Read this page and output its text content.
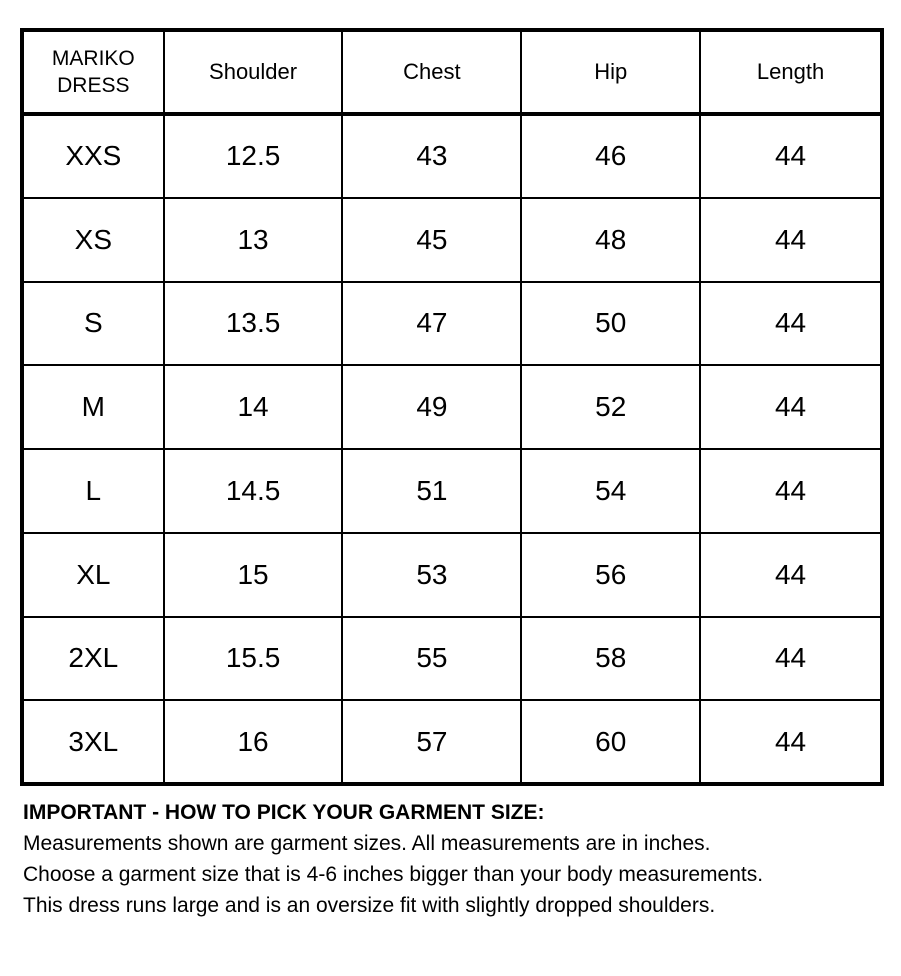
MARIKO
DRESS	Shoulder	Chest	Hip	Length
XXS	12.5	43	46	44
XS	13	45	48	44
S	13.5	47	50	44
M	14	49	52	44
L	14.5	51	54	44
XL	15	53	56	44
2XL	15.5	55	58	44
3XL	16	57	60	44
IMPORTANT - HOW TO PICK YOUR GARMENT SIZE:
Measurements shown are garment sizes. All measurements are in inches.
Choose a garment size that is 4-6 inches bigger than your body measurements.
This dress runs large and is an oversize fit with slightly dropped shoulders.
